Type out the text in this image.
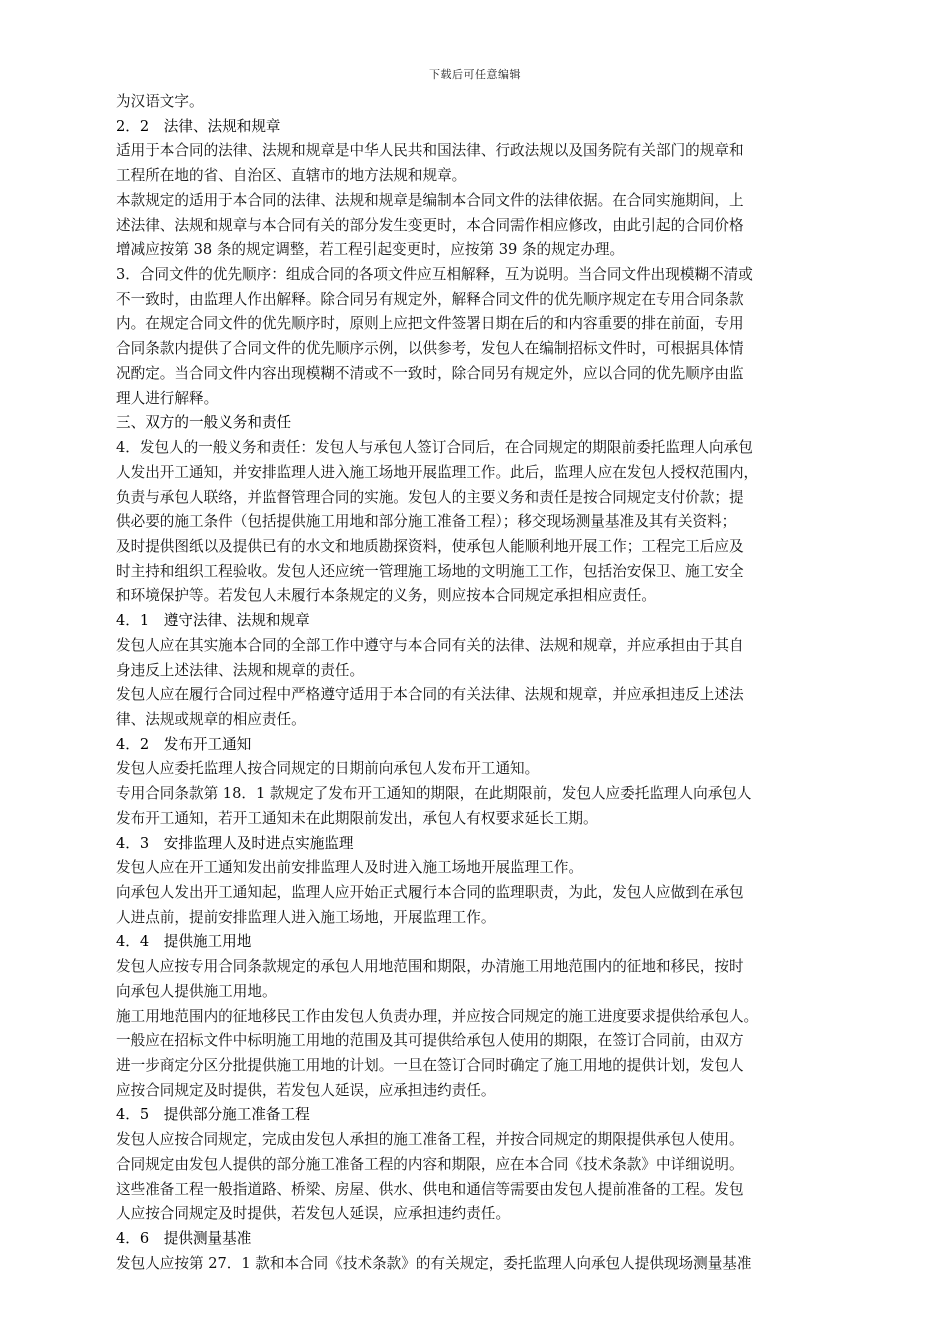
下载后可任意编辑
为汉语文字。
2．2　法律、法规和规章
适用于本合同的法律、法规和规章是中华人民共和国法律、行政法规以及国务院有关部门的规章和
工程所在地的省、自治区、直辖市的地方法规和规章。
本款规定的适用于本合同的法律、法规和规章是编制本合同文件的法律依据。在合同实施期间，上
述法律、法规和规章与本合同有关的部分发生变更时，本合同需作相应修改，由此引起的合同价格
增减应按第 38 条的规定调整，若工程引起变更时，应按第 39 条的规定办理。
3．合同文件的优先顺序：组成合同的各项文件应互相解释，互为说明。当合同文件出现模糊不清或
不一致时，由监理人作出解释。除合同另有规定外，解释合同文件的优先顺序规定在专用合同条款
内。在规定合同文件的优先顺序时，原则上应把文件签署日期在后的和内容重要的排在前面，专用
合同条款内提供了合同文件的优先顺序示例，以供参考，发包人在编制招标文件时，可根据具体情
况酌定。当合同文件内容出现模糊不清或不一致时，除合同另有规定外，应以合同的优先顺序由监
理人进行解释。
三、双方的一般义务和责任
4．发包人的一般义务和责任：发包人与承包人签订合同后，在合同规定的期限前委托监理人向承包
人发出开工通知，并安排监理人进入施工场地开展监理工作。此后，监理人应在发包人授权范围内，
负责与承包人联络，并监督管理合同的实施。发包人的主要义务和责任是按合同规定支付价款；提
供必要的施工条件（包括提供施工用地和部分施工准备工程）；移交现场测量基准及其有关资料；
及时提供图纸以及提供已有的水文和地质勘探资料，使承包人能顺利地开展工作；工程完工后应及
时主持和组织工程验收。发包人还应统一管理施工场地的文明施工工作，包括治安保卫、施工安全
和环境保护等。若发包人未履行本条规定的义务，则应按本合同规定承担相应责任。
4．1　遵守法律、法规和规章
发包人应在其实施本合同的全部工作中遵守与本合同有关的法律、法规和规章，并应承担由于其自
身违反上述法律、法规和规章的责任。
发包人应在履行合同过程中严格遵守适用于本合同的有关法律、法规和规章，并应承担违反上述法
律、法规或规章的相应责任。
4．2　发布开工通知
发包人应委托监理人按合同规定的日期前向承包人发布开工通知。
专用合同条款第 18．1 款规定了发布开工通知的期限，在此期限前，发包人应委托监理人向承包人
发布开工通知，若开工通知未在此期限前发出，承包人有权要求延长工期。
4．3　安排监理人及时进点实施监理
发包人应在开工通知发出前安排监理人及时进入施工场地开展监理工作。
向承包人发出开工通知起，监理人应开始正式履行本合同的监理职责，为此，发包人应做到在承包
人进点前，提前安排监理人进入施工场地，开展监理工作。
4．4　提供施工用地
发包人应按专用合同条款规定的承包人用地范围和期限，办清施工用地范围内的征地和移民，按时
向承包人提供施工用地。
施工用地范围内的征地移民工作由发包人负责办理，并应按合同规定的施工进度要求提供给承包人。
一般应在招标文件中标明施工用地的范围及其可提供给承包人使用的期限，在签订合同前，由双方
进一步商定分区分批提供施工用地的计划。一旦在签订合同时确定了施工用地的提供计划，发包人
应按合同规定及时提供，若发包人延误，应承担违约责任。
4．5　提供部分施工准备工程
发包人应按合同规定，完成由发包人承担的施工准备工程，并按合同规定的期限提供承包人使用。
合同规定由发包人提供的部分施工准备工程的内容和期限，应在本合同《技术条款》中详细说明。
这些准备工程一般指道路、桥梁、房屋、供水、供电和通信等需要由发包人提前准备的工程。发包
人应按合同规定及时提供，若发包人延误，应承担违约责任。
4．6　提供测量基准
发包人应按第 27．1 款和本合同《技术条款》的有关规定，委托监理人向承包人提供现场测量基准
